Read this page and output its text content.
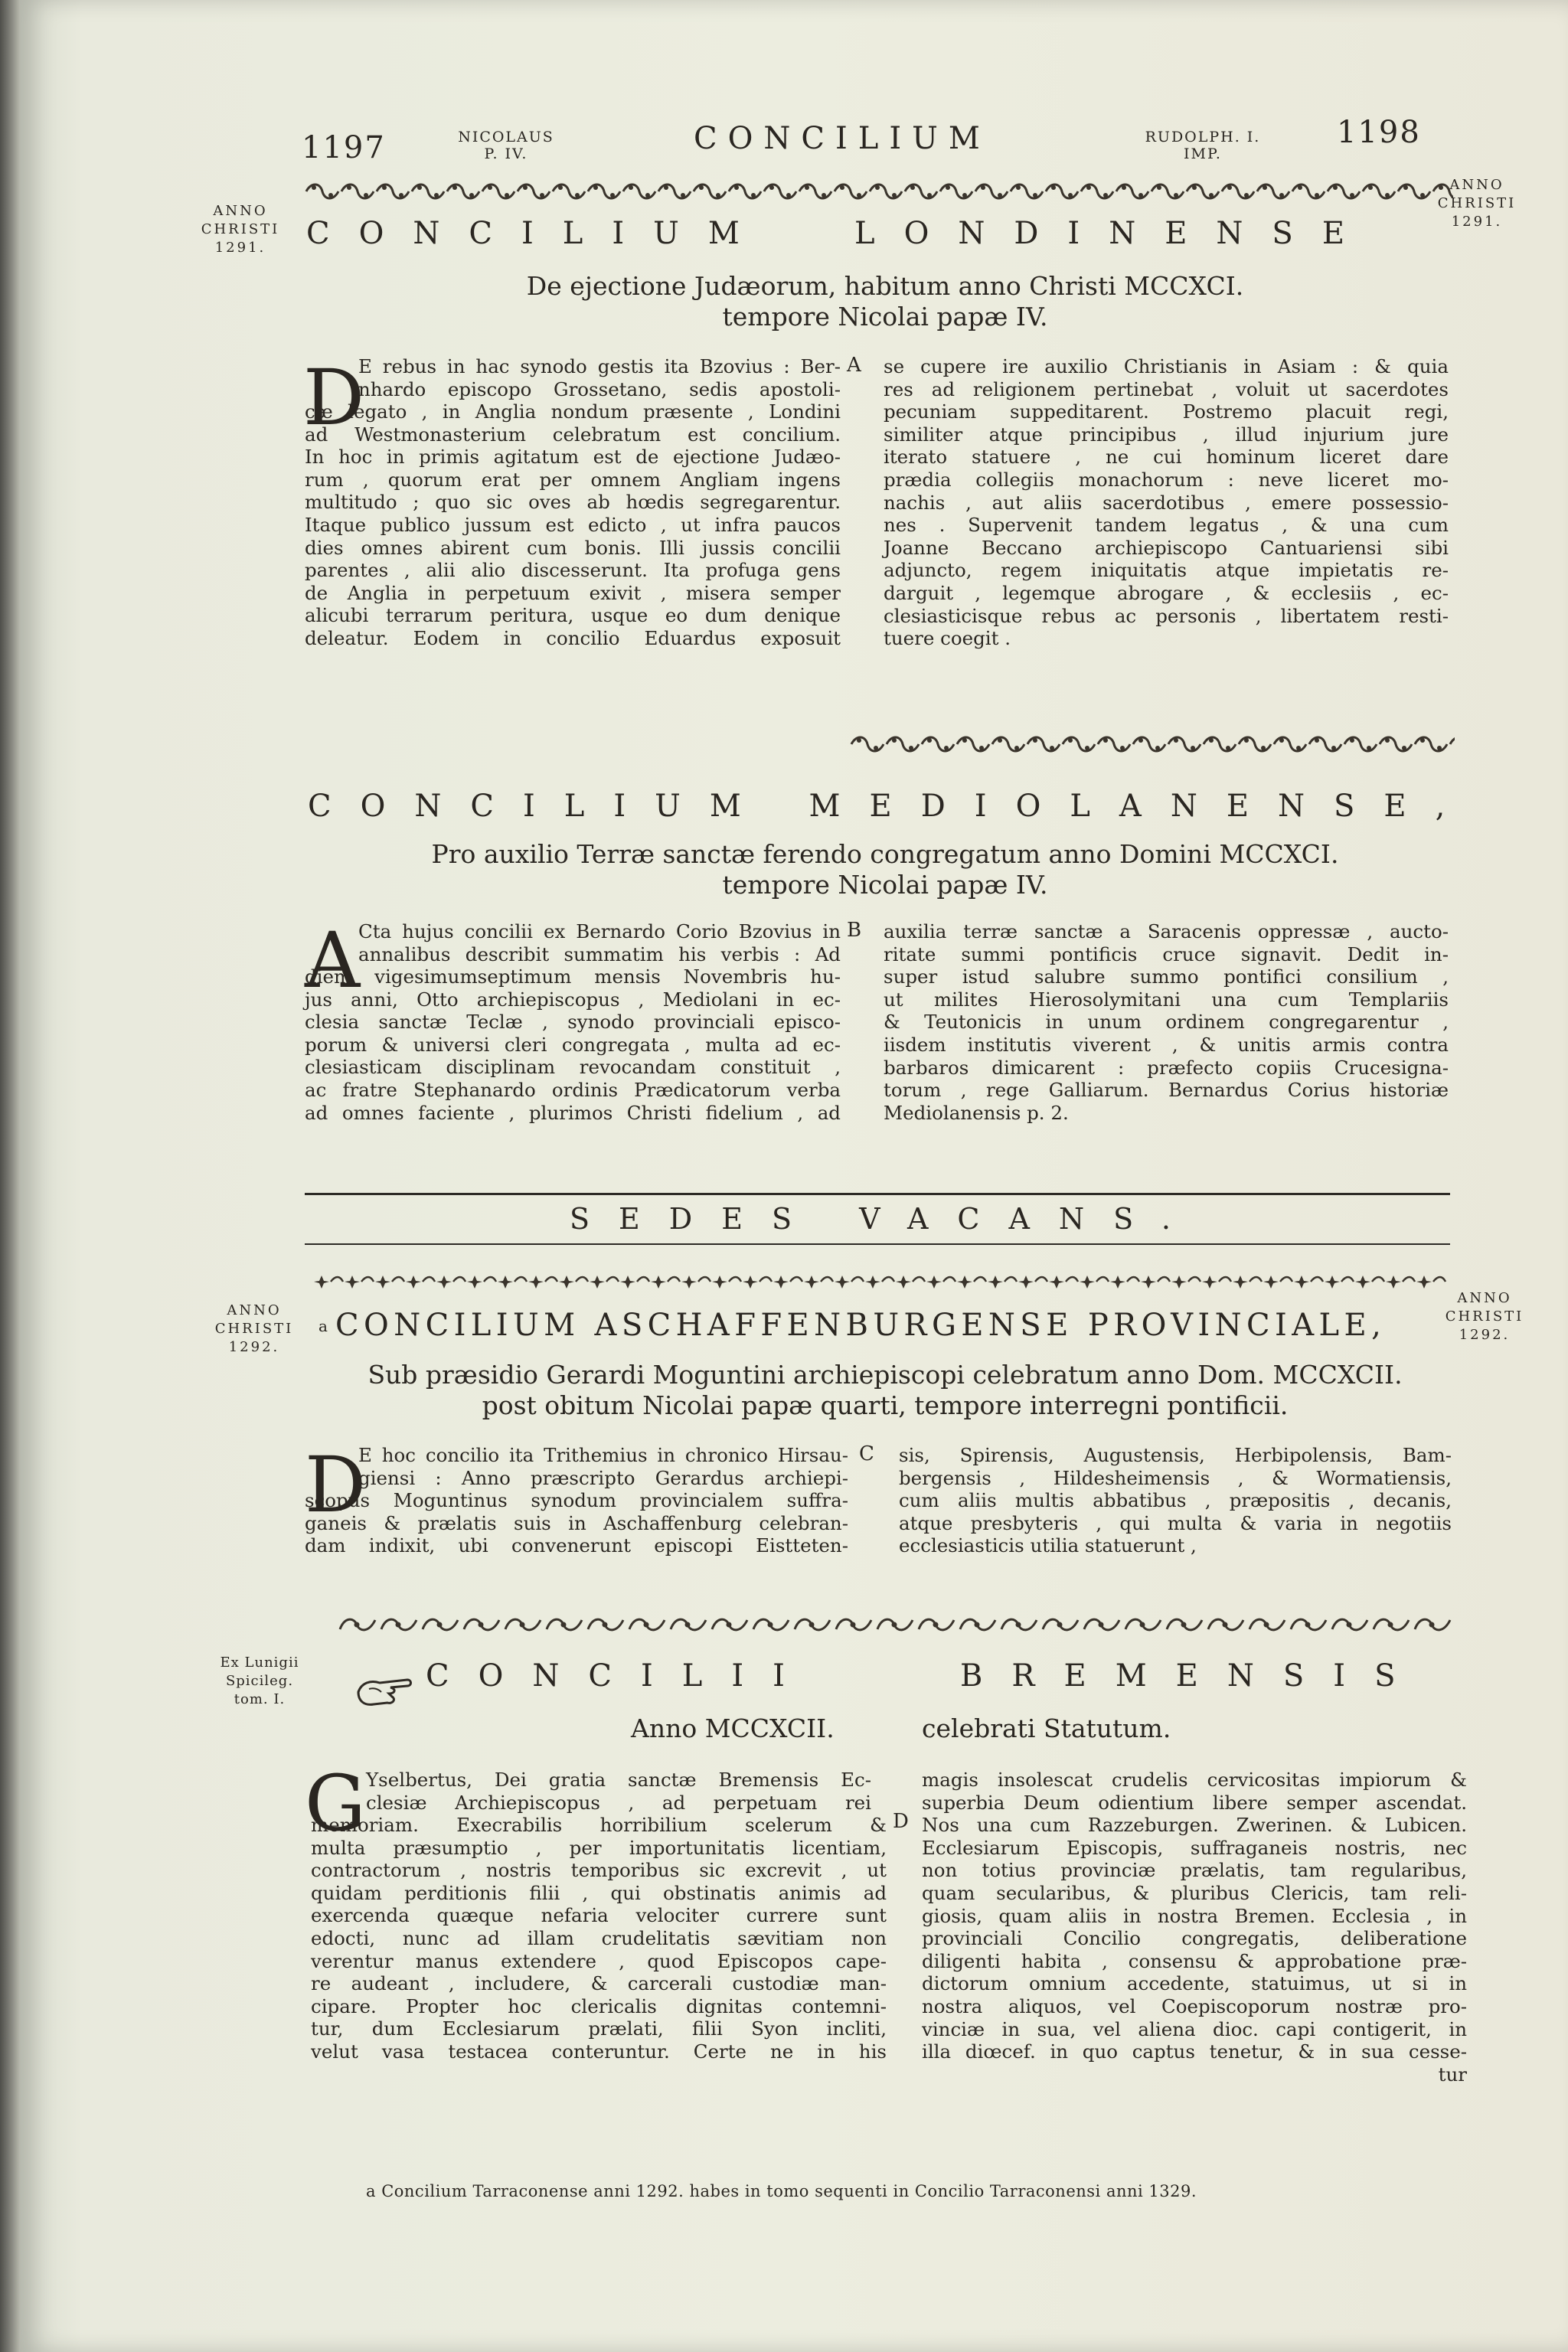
1197	NICOLAUS
P. IV.	CONCILIUM	RUDOLPH. I.
IMP.
1198
ANNO
CHRISTI
1291.
ANNO
CHRISTI
1291.
CONCILIUM	LONDINENSE
De ejectione Judæorum, habitum anno Christi MCCXCI.
tempore Nicolai papæ IV.
D	A
E rebus in hac synodo gestis ita Bzovius : Ber-
nhardo episcopo Grossetano, sedis apostoli-
cæ legato , in Anglia nondum præsente , Londini
ad Westmonasterium celebratum est concilium.
In hoc in primis agitatum est de ejectione Judæo-
rum , quorum erat per omnem Angliam ingens
multitudo ; quo sic oves ab hœdis segregarentur.
Itaque publico jussum est edicto , ut infra paucos
dies omnes abirent cum bonis. Illi jussis concilii
parentes , alii alio discesserunt. Ita profuga gens
de Anglia in perpetuum exivit , misera semper
alicubi terrarum peritura, usque eo dum denique
deleatur. Eodem in concilio Eduardus exposuit
se cupere ire auxilio Christianis in Asiam : & quia
res ad religionem pertinebat , voluit ut sacerdotes
pecuniam suppeditarent. Postremo placuit regi,
similiter atque principibus , illud injurium jure
iterato statuere , ne cui hominum liceret dare
prædia collegiis monachorum : neve liceret mo-
nachis , aut aliis sacerdotibus , emere possessio-
nes . Supervenit tandem legatus , & una cum
Joanne Beccano archiepiscopo Cantuariensi sibi
adjuncto, regem iniquitatis atque impietatis re-
darguit , legemque abrogare , & ecclesiis , ec-
clesiasticisque rebus ac personis , libertatem resti-
tuere coegit .
CONCILIUM MEDIOLANENSE,
Pro auxilio Terræ sanctæ ferendo congregatum anno Domini MCCXCI.
tempore Nicolai papæ IV.
A	B
Cta hujus concilii ex Bernardo Corio Bzovius in
annalibus describit summatim his verbis : Ad
diem vigesimumseptimum mensis Novembris hu-
jus anni, Otto archiepiscopus , Mediolani in ec-
clesia sanctæ Teclæ , synodo provinciali episco-
porum & universi cleri congregata , multa ad ec-
clesiasticam disciplinam revocandam constituit ,
ac fratre Stephanardo ordinis Prædicatorum verba
ad omnes faciente , plurimos Christi fidelium , ad
auxilia terræ sanctæ a Saracenis oppressæ , aucto-
ritate summi pontificis cruce signavit. Dedit in-
super istud salubre summo pontifici consilium ,
ut milites Hierosolymitani una cum Templariis
& Teutonicis in unum ordinem congregarentur ,
iisdem institutis viverent , & unitis armis contra
barbaros dimicarent : præfecto copiis Crucesigna-
torum , rege Galliarum. Bernardus Corius historiæ
Mediolanensis p. 2.
SEDES VACANS.
ANNO
CHRISTI
1292.
ANNO
CHRISTI
1292.
a CONCILIUM ASCHAFFENBURGENSE PROVINCIALE,
Sub præsidio Gerardi Moguntini archiepiscopi celebratum anno Dom. MCCXCII.
post obitum Nicolai papæ quarti, tempore interregni pontificii.
D	C
E hoc concilio ita Trithemius in chronico Hirsau-
giensi : Anno præscripto Gerardus archiepi-
scopus Moguntinus synodum provincialem suffra-
ganeis & prælatis suis in Aschaffenburg celebran-
dam indixit, ubi convenerunt episcopi Eistteten-
sis, Spirensis, Augustensis, Herbipolensis, Bam-
bergensis , Hildesheimensis , & Wormatiensis,
cum aliis multis abbatibus , præpositis , decanis,
atque presbyteris , qui multa & varia in negotiis
ecclesiasticis utilia statuerunt ,
Ex Lunigii
Spicileg.
tom. I.
CONCILII	BREMENSIS
Anno MCCXCII.	celebrati Statutum.
G	D
Yselbertus, Dei gratia sanctæ Bremensis Ec-
clesiæ Archiepiscopus , ad perpetuam rei
memoriam. Execrabilis horribilium scelerum &
multa præsumptio , per importunitatis licentiam,
contractorum , nostris temporibus sic excrevit , ut
quidam perditionis filii , qui obstinatis animis ad
exercenda quæque nefaria velociter currere sunt
edocti, nunc ad illam crudelitatis sævitiam non
verentur manus extendere , quod Episcopos cape-
re audeant , includere, & carcerali custodiæ man-
cipare. Propter hoc clericalis dignitas contemni-
tur, dum Ecclesiarum prælati, filii Syon incliti,
velut vasa testacea conteruntur. Certe ne in his
magis insolescat crudelis cervicositas impiorum &
superbia Deum odientium libere semper ascendat.
Nos una cum Razzeburgen. Zwerinen. & Lubicen.
Ecclesiarum Episcopis, suffraganeis nostris, nec
non totius provinciæ prælatis, tam regularibus,
quam secularibus, & pluribus Clericis, tam reli-
giosis, quam aliis in nostra Bremen. Ecclesia , in
provinciali Concilio congregatis, deliberatione
diligenti habita , consensu & approbatione præ-
dictorum omnium accedente, statuimus, ut si in
nostra aliquos, vel Coepiscoporum nostræ pro-
vinciæ in sua, vel aliena dioc. capi contigerit, in
illa diœcef. in quo captus tenetur, & in sua cesse-
tur
a Concilium Tarraconense anni 1292. habes in tomo sequenti in Concilio Tarraconensi anni 1329.
